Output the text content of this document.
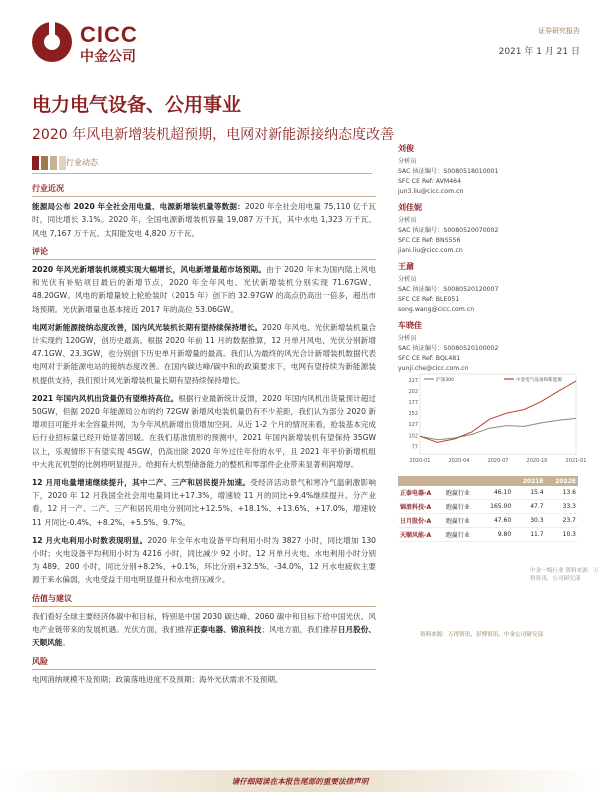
CICC
中金公司
证券研究报告
2021 年 1 月 21 日
电力电气设备、公用事业
2020 年风电新增装机超预期，电网对新能源接纳态度改善
行业动态
行业近况
能源局公布 2020 年全社会用电量、电源新增装机量等数据：2020 年全社会用电量 75,110 亿千瓦时，同比增长 3.1%。2020 年，全国电源新增装机容量 19,087 万千瓦，其中水电 1,323 万千瓦、风电 7,167 万千瓦、太阳能发电 4,820 万千瓦。
评论
2020 年风光新增装机规模实现大幅增长，风电新增量超市场预期。由于 2020 年末为国内陆上风电和光伏有补贴项目最后的新增节点，2020 年全年风电、光伏新增装机分别实现 71.67GW、48.20GW。风电的新增量较上轮抢装时（2015 年）创下的 32.97GW 的高点仍高出一倍多，超出市场预期。光伏新增量也基本接近 2017 年的高位 53.06GW。
电网对新能源接纳态度改善，国内风光装机长期有望持续保持增长。2020 年风电、光伏新增装机量合计实现约 120GW，创历史最高。根据 2020 年前 11 月的数据推算，12 月单月风电、光伏分别新增 47.1GW、23.3GW，也分别创下历史单月新增量的最高。我们认为最终的风光合计新增装机数据代表电网对于新能源电站的接纳态度改善。在国内碳达峰/碳中和的政策要求下，电网有望持续为新能源装机提供支持，我们预计风光新增装机量长期有望持续保持增长。
2021 年国内风机出货量仍有望维持高位。根据行业最新统计反馈，2020 年国内风机出货量预计超过 50GW，但据 2020 年能源局公布的约 72GW 新增风电装机量仍有不少差距，我们认为部分 2020 新增项目可能并未全容量并网，为今年风机新增出货增加空间。从近 1-2 个月的情况来看，抢装基本完成后行业招标量已经开始显著回暖。在我们基准情形的预测中，2021 年国内新增装机有望保持 35GW 以上，乐观情形下有望实现 45GW，仍高出除 2020 年外过往年份的水平，且 2021 年平价新增机组中大兆瓦机型的比例将明显提升。给拥有大机型储备能力的整机和零部件企业带来显著利润增厚。
12 月用电量增速继续提升，其中二产、三产和居民提升加速。受经济活动景气和寒冷气温刺激影响下，2020 年 12 月我国全社会用电量同比+17.3%，增速较 11 月的同比+9.4%继续提升。分产业看，12 月一产、二产、三产和居民用电分别同比+12.5%、+18.1%、+13.6%、+17.0%，增速较 11 月同比-0.4%、+8.2%、+5.5%、9.7%。
12 月火电利用小时数表现明显。2020 年全年水电设备平均利用小时为 3827 小时，同比增加 130 小时；火电设备平均利用小时为 4216 小时，同比减少 92 小时。12 月单月火电、水电利用小时分别为 489、200 小时，同比分别+8.2%、+0.1%，环比分别+32.5%、-34.0%，12 月水电疲软主要源于来水偏弱，火电受益于用电明显提升和水电挤压减少。
估值与建议
我们看好全球主要经济体碳中和目标，特别是中国 2030 碳达峰、2060 碳中和目标下给中国光伏、风电产业链带来的发展机遇。光伏方面，我们推荐正泰电器、锦浪科技；风电方面，我们推荐日月股份、天顺风能。
风险
电网消纳规模不及预期；政策落地进度不及预期；海外光伏需求不及预期。
刘俊
分析员
SAC 执证编号：S0080518010001
SFC CE Ref: AVM464
jun3.liu@cicc.com.cn
刘佳妮
分析员
SAC 执证编号：S0080520070002
SFC CE Ref: BNS556
jiani.liu@cicc.com.cn
王鼐
分析员
SAC 执证编号：S0080520120007
SFC CE Ref: BLE051
song.wang@cicc.com.cn
车晓佳
分析员
SAC 执证编号：S0080520100002
SFC CE Ref: BQL481
yunji.che@cicc.com.cn
77
102
127
152
177
202
227
2020-01	2020-04	2020-07	2020-10	2021-01
沪深300	中金电气设备和新能源
			2021E	2022E
正泰电器-A	跑赢行业	46.10	15.4	13.6
锦浪科技-A	跑赢行业	165.00	47.7	33.3
日月股份-A	跑赢行业	47.60	30.3	23.7
天顺风能-A	跑赢行业	9.80	11.7	10.3
中金一级行业 资料来源：万得资讯，公司研究部
资料来源：万得资讯，彭博资讯，中金公司研究部
请仔细阅读在本报告尾部的重要法律声明
